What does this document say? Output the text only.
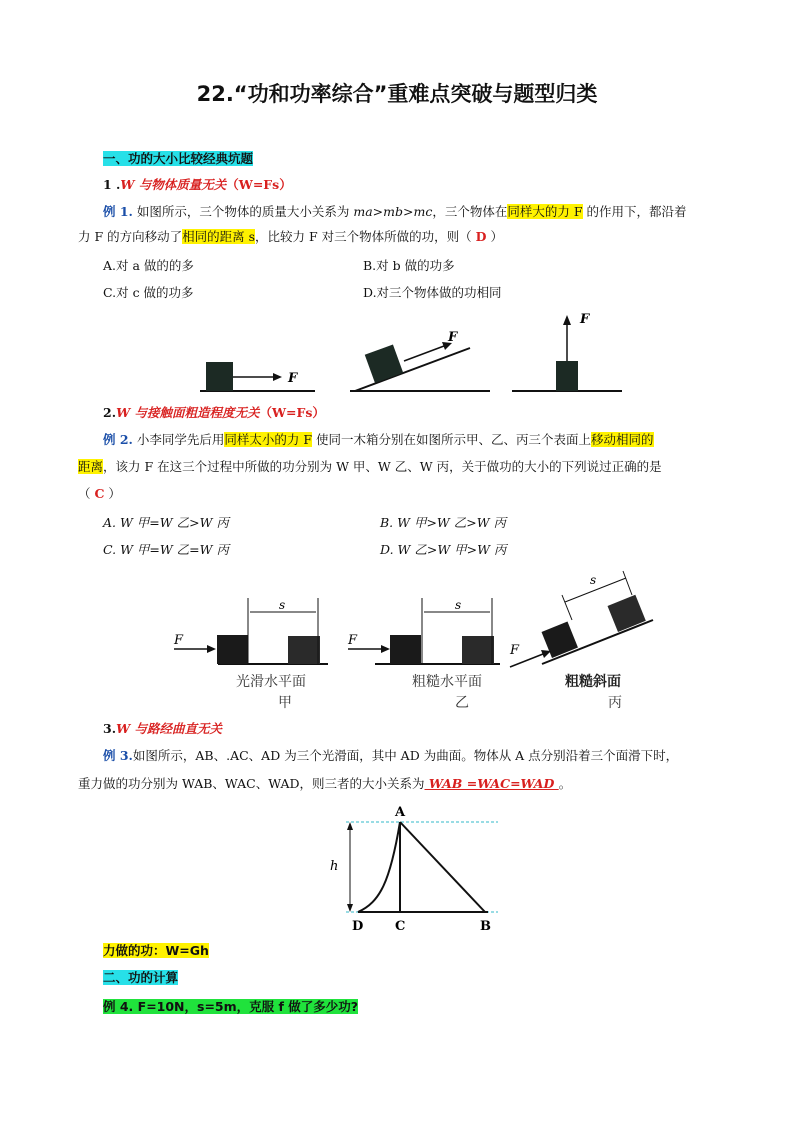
22.“功和功率综合”重难点突破与题型归类
一、功的大小比较经典坑题
1 .W 与物体质量无关（W=Fs）
例 1. 如图所示，三个物体的质量大小关系为 ma>mb>mc，三个物体在同样大的力 F 的作用下，都沿着
力 F 的方向移动了相同的距离 s，比较力 F 对三个物体所做的功，则（ D ）
A.对 a 做的的多	B.对 b 做的功多
C.对 c 做的功多	D.对三个物体做的功相同
F
F
F
2.W 与接触面粗造程度无关（W=Fs）
例 2. 小李同学先后用同样太小的力 F 使同一木箱分别在如图所示甲、乙、丙三个表面上移动相同的
距离，该力 F 在这三个过程中所做的功分别为 W 甲、W 乙、W 丙，关于做功的大小的下列说过正确的是
（ C ）
A. W 甲=W 乙>W 丙	B. W 甲>W 乙>W 丙
C. W 甲=W 乙=W 丙	D. W 乙>W 甲>W 丙
F
s
光滑水平面
甲
F
s
粗糙水平面
乙
F
s
粗糙斜面
丙
3.W 与路经曲直无关
例 3.如图所示，AB、.AC、AD 为三个光滑面，其中 AD 为曲面。物体从 A 点分别沿着三个面滑下时，
重力做的功分别为 WAB、WAC、WAD，则三者的大小关系为 WAB =WAC=WAD 。
h
A
D C	B
力做的功：W=Gh
二、功的计算
例 4. F=10N，s=5m，克服 f 做了多少功?
